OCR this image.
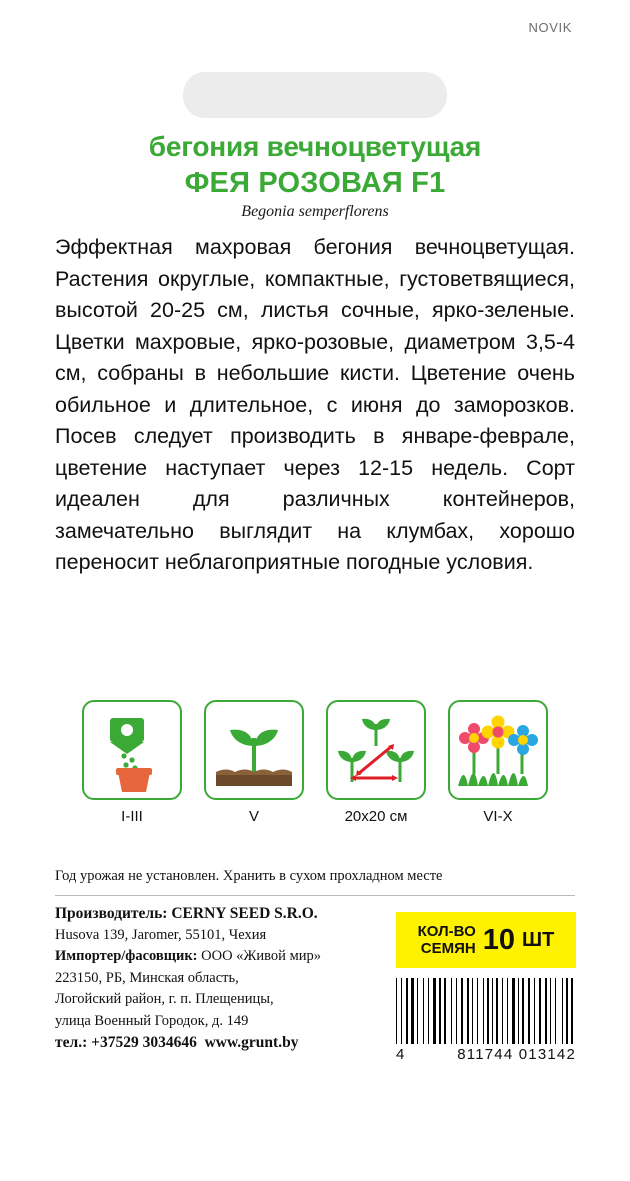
NOVIK
бегония вечноцветущая
ФЕЯ РОЗОВАЯ F1
Begonia semperflorens
Эффектная махровая бегония вечноцветущая. Растения округлые, компактные, густоветвящиеся, высотой 20-25 см, листья сочные, ярко-зеленые. Цветки махровые, ярко-розовые, диаметром 3,5-4 см, собраны в небольшие кисти. Цветение очень обильное и длительное, с июня до заморозков. Посев следует производить в январе-феврале, цветение наступает через 12-15 недель. Сорт идеален для различных контейнеров, замечательно выглядит на клумбах, хорошо переносит неблагоприятные погодные условия.
I-III	V	20x20 см	VI-X
Год урожая не установлен. Хранить в сухом прохладном месте
Производитель: CERNY SEED S.R.O.
Husova 139, Jaromer, 55101, Чехия
Импортер/фасовщик: ООО «Живой мир»
223150, РБ, Минская область,
Логойский район, г. п. Плещеницы,
улица Военный Городок, д. 149
тел.: +37529 3034646 www.grunt.by
КОЛ-ВО
СЕМЯН 10 ШТ
4	811744 013142
